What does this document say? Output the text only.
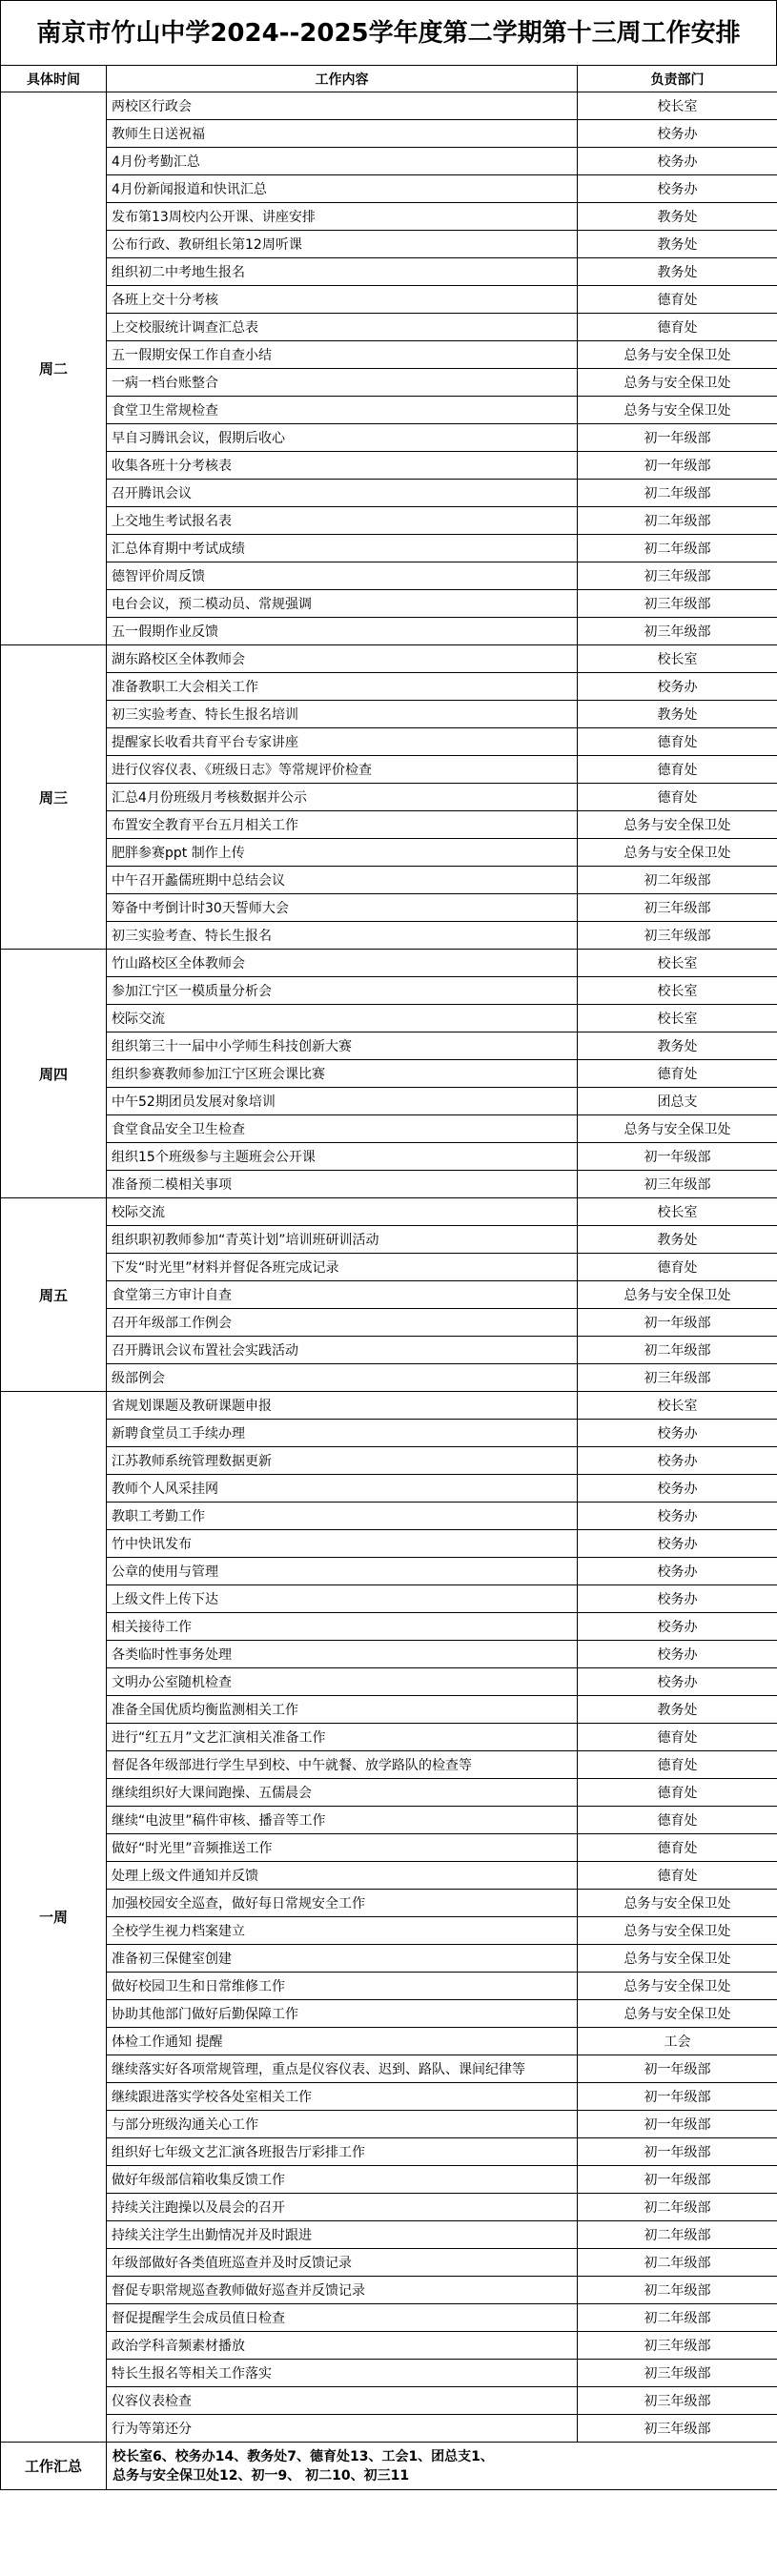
南京市竹山中学2024--2025学年度第二学期第十三周工作安排
具体时间	工作内容	负责部门
周二	两校区行政会	校长室
	教师生日送祝福	校务办
	4月份考勤汇总	校务办
	4月份新闻报道和快讯汇总	校务办
	发布第13周校内公开课、讲座安排	教务处
	公布行政、教研组长第12周听课	教务处
	组织初二中考地生报名	教务处
	各班上交十分考核	德育处
	上交校服统计调查汇总表	德育处
	五一假期安保工作自查小结	总务与安全保卫处
	一病一档台账整合	总务与安全保卫处
	食堂卫生常规检查	总务与安全保卫处
	早自习腾讯会议，假期后收心	初一年级部
	收集各班十分考核表	初一年级部
	召开腾讯会议	初二年级部
	上交地生考试报名表	初二年级部
	汇总体育期中考试成绩	初二年级部
	德智评价周反馈	初三年级部
	电台会议，预二模动员、常规强调	初三年级部
	五一假期作业反馈	初三年级部
周三	湖东路校区全体教师会	校长室
	准备教职工大会相关工作	校务办
	初三实验考查、特长生报名培训	教务处
	提醒家长收看共育平台专家讲座	德育处
	进行仪容仪表、《班级日志》等常规评价检查	德育处
	汇总4月份班级月考核数据并公示	德育处
	布置安全教育平台五月相关工作	总务与安全保卫处
	肥胖参赛ppt 制作上传	总务与安全保卫处
	中午召开蠡儒班期中总结会议	初二年级部
	筹备中考倒计时30天誓师大会	初三年级部
	初三实验考查、特长生报名	初三年级部
周四	竹山路校区全体教师会	校长室
	参加江宁区一模质量分析会	校长室
	校际交流	校长室
	组织第三十一届中小学师生科技创新大赛	教务处
	组织参赛教师参加江宁区班会课比赛	德育处
	中午52期团员发展对象培训	团总支
	食堂食品安全卫生检查	总务与安全保卫处
	组织15个班级参与主题班会公开课	初一年级部
	准备预二模相关事项	初三年级部
周五	校际交流	校长室
	组织职初教师参加“青英计划”培训班研训活动	教务处
	下发“时光里”材料并督促各班完成记录	德育处
	食堂第三方审计自查	总务与安全保卫处
	召开年级部工作例会	初一年级部
	召开腾讯会议布置社会实践活动	初二年级部
	级部例会	初三年级部
一周	省规划课题及教研课题申报	校长室
	新聘食堂员工手续办理	校务办
	江苏教师系统管理数据更新	校务办
	教师个人风采挂网	校务办
	教职工考勤工作	校务办
	竹中快讯发布	校务办
	公章的使用与管理	校务办
	上级文件上传下达	校务办
	相关接待工作	校务办
	各类临时性事务处理	校务办
	文明办公室随机检查	校务办
	准备全国优质均衡监测相关工作	教务处
	进行“红五月”文艺汇演相关准备工作	德育处
	督促各年级部进行学生早到校、中午就餐、放学路队的检查等	德育处
	继续组织好大课间跑操、五儒晨会	德育处
	继续“电波里”稿件审核、播音等工作	德育处
	做好“时光里”音频推送工作	德育处
	处理上级文件通知并反馈	德育处
	加强校园安全巡查，做好每日常规安全工作	总务与安全保卫处
	全校学生视力档案建立	总务与安全保卫处
	准备初三保健室创建	总务与安全保卫处
	做好校园卫生和日常维修工作	总务与安全保卫处
	协助其他部门做好后勤保障工作	总务与安全保卫处
	体检工作通知 提醒	工会
	继续落实好各项常规管理，重点是仪容仪表、迟到、路队、课间纪律等	初一年级部
	继续跟进落实学校各处室相关工作	初一年级部
	与部分班级沟通关心工作	初一年级部
	组织好七年级文艺汇演各班报告厅彩排工作	初一年级部
	做好年级部信箱收集反馈工作	初一年级部
	持续关注跑操以及晨会的召开	初二年级部
	持续关注学生出勤情况并及时跟进	初二年级部
	年级部做好各类值班巡查并及时反馈记录	初二年级部
	督促专职常规巡查教师做好巡查并反馈记录	初二年级部
	督促提醒学生会成员值日检查	初二年级部
	政治学科音频素材播放	初三年级部
	特长生报名等相关工作落实	初三年级部
	仪容仪表检查	初三年级部
	行为等第还分	初三年级部
工作汇总	校长室6、校务办14、教务处7、德育处13、工会1、团总支1、
总务与安全保卫处12、初一9、 初二10、初三11	
